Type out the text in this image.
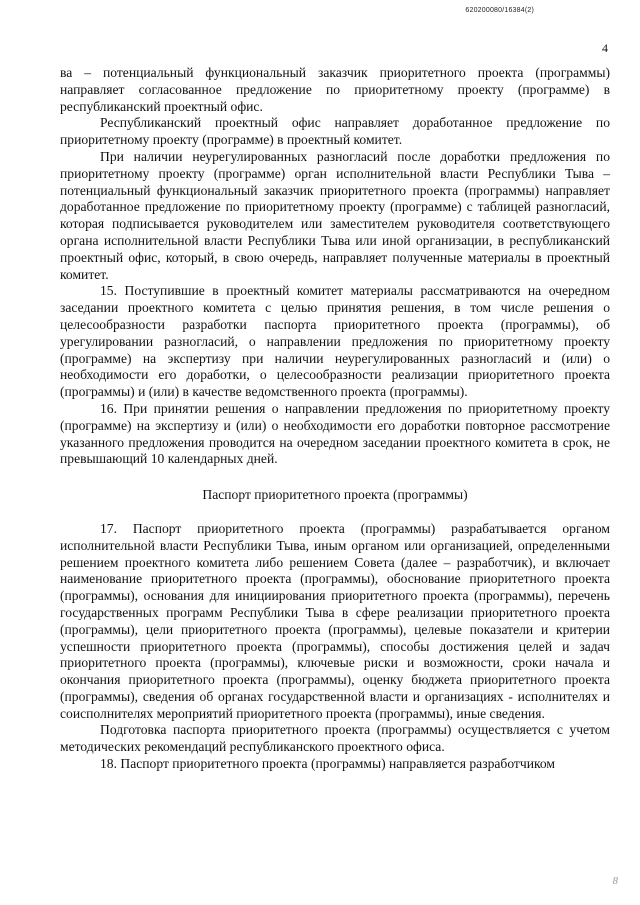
620200080/16384(2)
4

ва – потенциальный функциональный заказчик приоритетного проекта (программы) направляет согласованное предложение по приоритетному проекту (программе) в республиканский проектный офис.

Республиканский проектный офис направляет доработанное предложение по приоритетному проекту (программе) в проектный комитет.

При наличии неурегулированных разногласий после доработки предложения по приоритетному проекту (программе) орган исполнительной власти Республики Тыва – потенциальный функциональный заказчик приоритетного проекта (программы) направляет доработанное предложение по приоритетному проекту (программе) с таблицей разногласий, которая подписывается руководителем или заместителем руководителя соответствующего органа исполнительной власти Республики Тыва или иной организации, в республиканский проектный офис, который, в свою очередь, направляет полученные материалы в проектный комитет.

15. Поступившие в проектный комитет материалы рассматриваются на очередном заседании проектного комитета с целью принятия решения, в том числе решения о целесообразности разработки паспорта приоритетного проекта (программы), об урегулировании разногласий, о направлении предложения по приоритетному проекту (программе) на экспертизу при наличии неурегулированных разногласий и (или) о необходимости его доработки, о целесообразности реализации приоритетного проекта (программы) и (или) в качестве ведомственного проекта (программы).

16. При принятии решения о направлении предложения по приоритетному проекту (программе) на экспертизу и (или) о необходимости его доработки повторное рассмотрение указанного предложения проводится на очередном заседании проектного комитета в срок, не превышающий 10 календарных дней.

Паспорт приоритетного проекта (программы)

17. Паспорт приоритетного проекта (программы) разрабатывается органом исполнительной власти Республики Тыва, иным органом или организацией, определенными решением проектного комитета либо решением Совета (далее – разработчик), и включает наименование приоритетного проекта (программы), обоснование приоритетного проекта (программы), основания для инициирования приоритетного проекта (программы), перечень государственных программ Республики Тыва в сфере реализации приоритетного проекта (программы), цели приоритетного проекта (программы), целевые показатели и критерии успешности приоритетного проекта (программы), способы достижения целей и задач приоритетного проекта (программы), ключевые риски и возможности, сроки начала и окончания приоритетного проекта (программы), оценку бюджета приоритетного проекта (программы), сведения об органах государственной власти и организациях - исполнителях и соисполнителях мероприятий приоритетного проекта (программы), иные сведения.

Подготовка паспорта приоритетного проекта (программы) осуществляется с учетом методических рекомендаций республиканского проектного офиса.

18. Паспорт приоритетного проекта (программы) направляется разработчиком

8
